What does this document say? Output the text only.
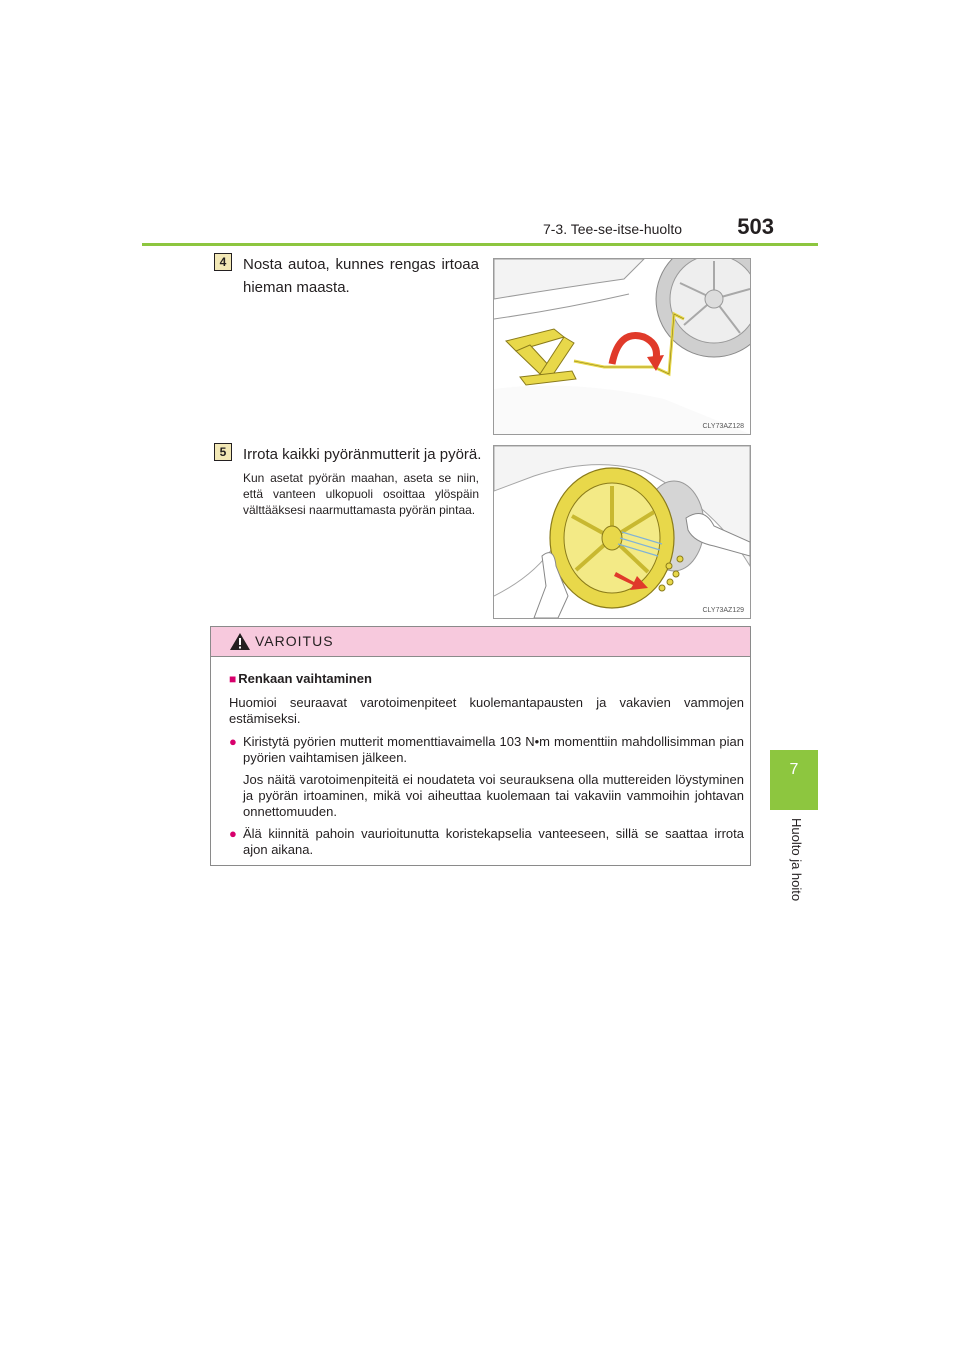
7-3. Tee-se-itse-huolto	503
7
Huolto ja hoito
4	Nosta autoa, kunnes rengas irtoaa hieman maasta.
CLY73AZ128
5	Irrota kaikki pyöränmutterit ja pyörä.
Kun asetat pyörän maahan, aseta se niin, että vanteen ulkopuoli osoittaa ylöspäin välttääksesi naarmuttamasta pyörän pintaa.
CLY73AZ129
VAROITUS
■ Renkaan vaihtaminen
Huomioi seuraavat varotoimenpiteet kuolemantapausten ja vakavien vammojen estämiseksi.
● Kiristytä pyörien mutterit momenttiavaimella 103 N•m momenttiin mahdollisimman pian pyörien vaihtamisen jälkeen.
Jos näitä varotoimenpiteitä ei noudateta voi seurauksena olla muttereiden löystyminen ja pyörän irtoaminen, mikä voi aiheuttaa kuolemaan tai vakaviin vammoihin johtavan onnettomuuden.
● Älä kiinnitä pahoin vaurioitunutta koristekapselia vanteeseen, sillä se saattaa irrota ajon aikana.
